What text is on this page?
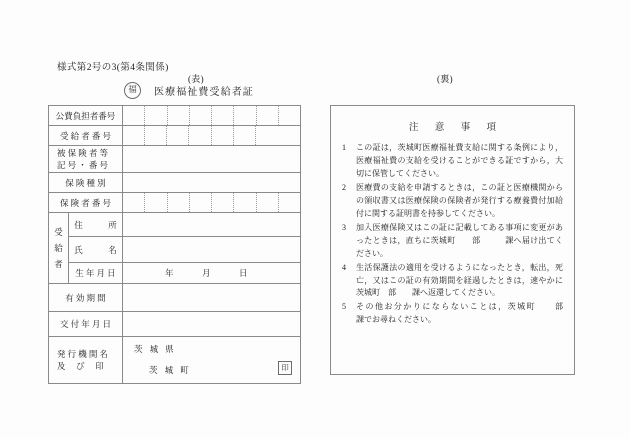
様式第2号の3(第4条関係)
(表)	(裏)
福	医療福祉費受給者証
公費負担者番号		

受 給 者 番 号		

被 保 険 者 等
記 号 ・ 番 号		

保 険 種 別		
保 険 者 番 号		

受
給
者	住　　　所	
	氏　　　名	
	生 年 月 日	年 月 日

有 効 期 間		
交 付 年 月 日		

発 行 機 関 名
及　 び 　印

茨 城 県
茨 城 町	印
注 意 事 項
1	この証は，茨城町医療福祉費支給に関する条例により，医療福祉費の支給を受けることができる証ですから，大切に保管してください。
2	医療費の支給を申請するときは，この証と医療機関からの領収書又は医療保険の保険者が発行する療養費付加給付に関する証明書を持参してください。
3	加入医療保険又はこの証に記載してある事項に変更があったときは，直ちに茨城町　　部　　　課へ届け出てください。
4	生活保護法の適用を受けるようになったとき，転出，死亡，又はこの証の有効期間を経過したときは，速やかに茨城町　部　　課へ返還してください。
5	その他お分かりにならないことは，茨城町　　部　　　課でお尋ねください。
